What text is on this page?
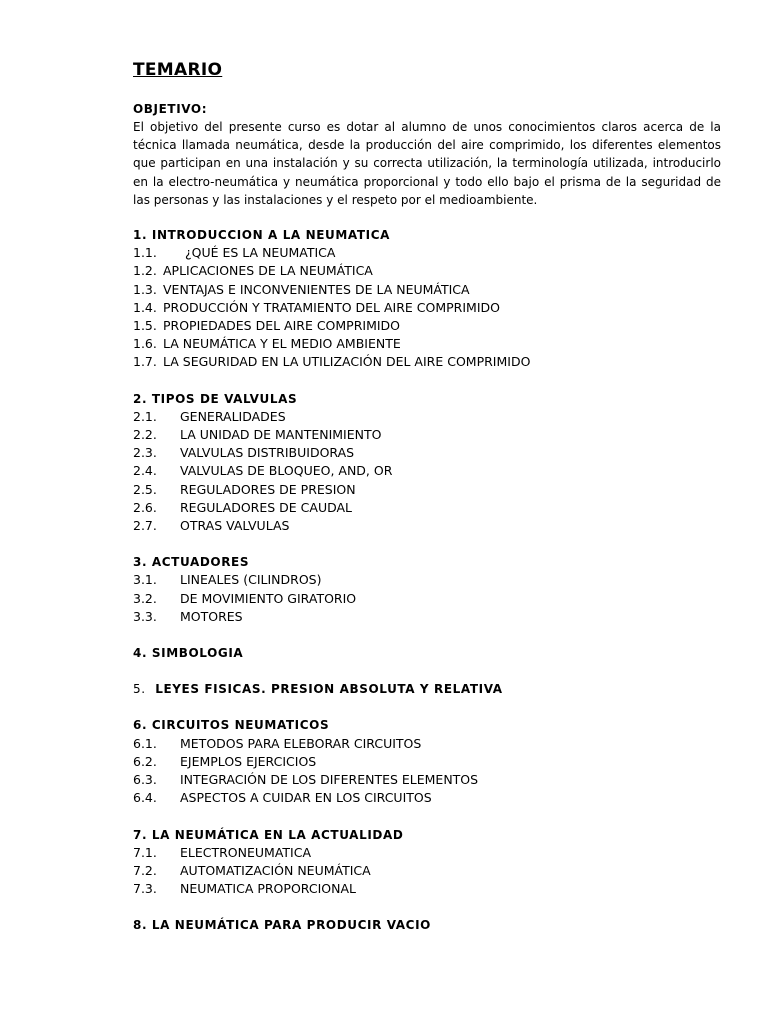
TEMARIO
OBJETIVO:
El objetivo del presente curso es dotar al alumno de unos conocimientos claros acerca de la técnica llamada neumática, desde la producción del aire comprimido, los diferentes elementos que participan en una instalación y su correcta utilización, la terminología utilizada, introducirlo en la electro-neumática y neumática proporcional y todo ello bajo el prisma de la seguridad de las personas y las instalaciones y el respeto por el medioambiente.
1. INTRODUCCION A LA NEUMATICA
1.1.	¿QUÉ ES LA NEUMATICA
1.2. APLICACIONES DE LA NEUMÁTICA
1.3. VENTAJAS E INCONVENIENTES DE LA NEUMÁTICA
1.4. PRODUCCIÓN Y TRATAMIENTO DEL AIRE COMPRIMIDO
1.5. PROPIEDADES DEL AIRE COMPRIMIDO
1.6. LA NEUMÁTICA Y EL MEDIO AMBIENTE
1.7. LA SEGURIDAD EN LA UTILIZACIÓN DEL AIRE COMPRIMIDO
2. TIPOS DE VALVULAS
2.1.	GENERALIDADES
2.2.	LA UNIDAD DE MANTENIMIENTO
2.3.	VALVULAS DISTRIBUIDORAS
2.4.	VALVULAS DE BLOQUEO, AND, OR
2.5.	REGULADORES DE PRESION
2.6.	REGULADORES DE CAUDAL
2.7.	OTRAS VALVULAS
3. ACTUADORES
3.1.	LINEALES (CILINDROS)
3.2.	DE MOVIMIENTO GIRATORIO
3.3.	MOTORES
4. SIMBOLOGIA
5. LEYES FISICAS. PRESION ABSOLUTA Y RELATIVA
6. CIRCUITOS NEUMATICOS
6.1.	METODOS PARA ELEBORAR CIRCUITOS
6.2.	EJEMPLOS EJERCICIOS
6.3.	INTEGRACIÓN DE LOS DIFERENTES ELEMENTOS
6.4.	ASPECTOS A CUIDAR EN LOS CIRCUITOS
7. LA NEUMÁTICA EN LA ACTUALIDAD
7.1.	ELECTRONEUMATICA
7.2.	AUTOMATIZACIÓN NEUMÁTICA
7.3.	NEUMATICA PROPORCIONAL
8. LA NEUMÁTICA PARA PRODUCIR VACIO
